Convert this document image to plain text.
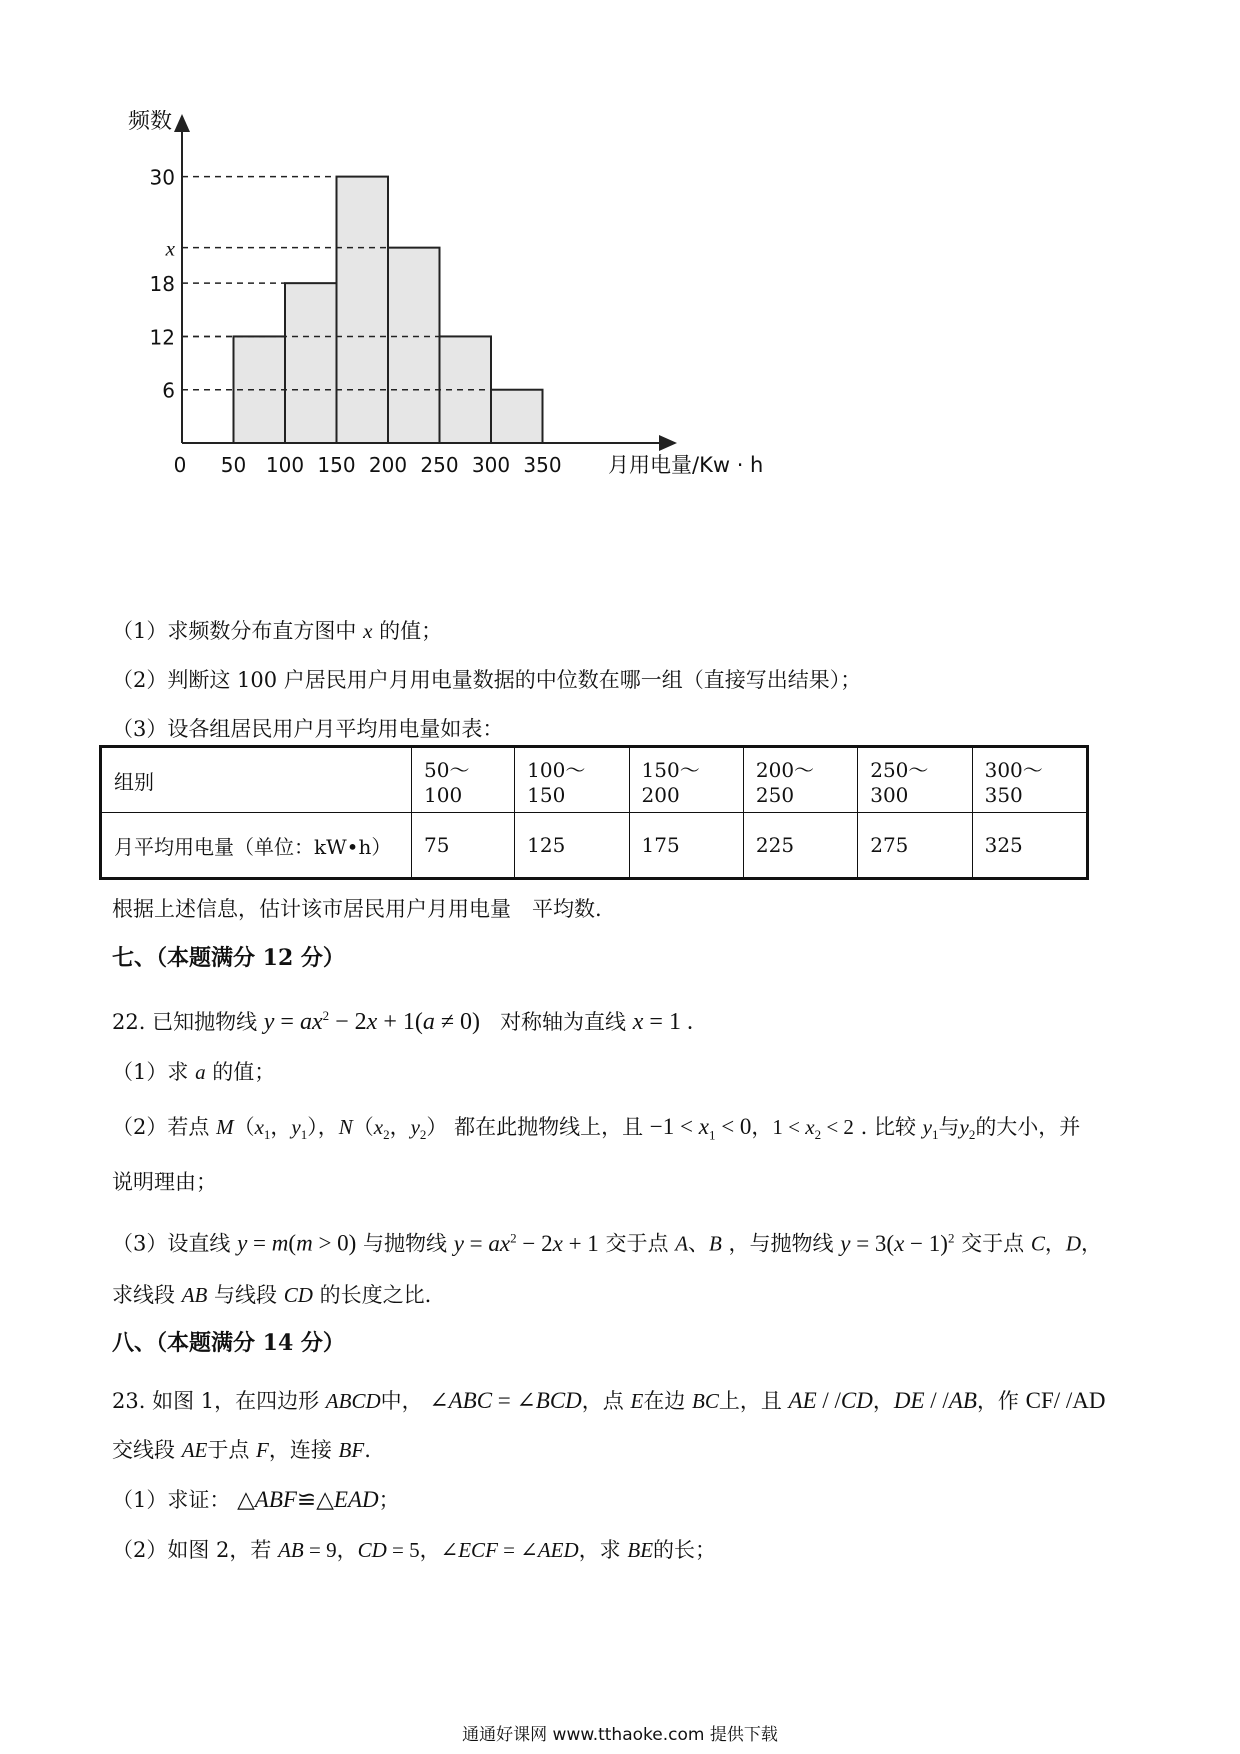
频数
月用电量/Kw · h
6
12
18
x
30
0 50 100 150 200 250 300 350
（1）求频数分布直方图中 x 的值；
（2）判断这 100 户居民用户月用电量数据的中位数在哪一组（直接写出结果）；
（3）设各组居民用户月平均用电量如表：
组别	50～100	100～150	150～200	200～250	250～300	300～350
月平均用电量（单位：kW•h）	75	125	175	225	275	325
根据上述信息，估计该市居民用户月用电量　平均数.
七、（本题满分 12 分）
22. 已知抛物线 $y = ax^2 - 2x + 1(a \ne 0)$ 对称轴为直线 x = 1 .
（1）求 a 的值；
（2）若点 $M(x_1$，$y_1$），$N(x_2$，$y_2$） 都在此抛物线上，且 $-1 < x_1 < 0$，$1 < x_2 < 2$ . 比较 $y_1$与$y_2$的大小，并
说明理由；
（3）设直线 y = m(m > 0) 与抛物线 $y = ax^2 - 2x + 1$ 交于点 A、B ，与抛物线 $y = 3(x - 1)^2$ 交于点 C，D，
求线段 AB 与线段 CD 的长度之比.
八、（本题满分 14 分）
23. 如图 1，在四边形 ABCD中， ∠ABC = ∠BCD，点 E在边 BC上，且 AE / /CD，DE / /AB，作 CF/ /AD
交线段 AE于点 F，连接 BF.
（1）求证： △ABF≌△EAD；
（2）如图 2，若 AB = 9，CD = 5，∠ECF = ∠AED，求 BE的长；
通通好课网 www.tthaoke.com 提供下载
